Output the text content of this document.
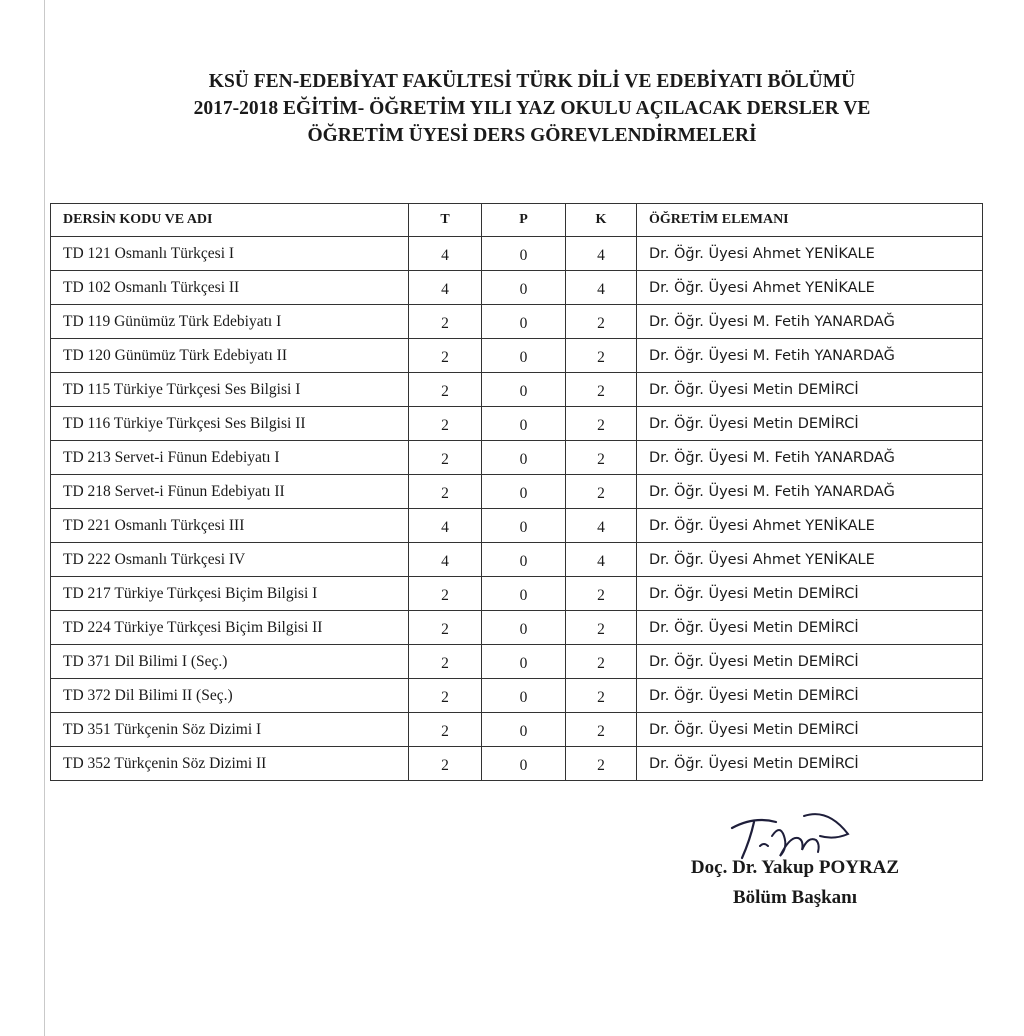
KSÜ FEN-EDEBİYAT FAKÜLTESİ TÜRK DİLİ VE EDEBİYATI BÖLÜMÜ
2017-2018 EĞİTİM- ÖĞRETİM YILI YAZ OKULU AÇILACAK DERSLER VE
ÖĞRETİM ÜYESİ DERS GÖREVLENDİRMELERİ
DERSİN KODU VE ADI	T	P	K	ÖĞRETİM ELEMANI
TD 121 Osmanlı Türkçesi I	4	0	4	Dr. Öğr. Üyesi Ahmet YENİKALE
TD 102 Osmanlı Türkçesi II	4	0	4	Dr. Öğr. Üyesi Ahmet YENİKALE
TD 119 Günümüz Türk Edebiyatı I	2	0	2	Dr. Öğr. Üyesi M. Fetih YANARDAĞ
TD 120 Günümüz Türk Edebiyatı II	2	0	2	Dr. Öğr. Üyesi M. Fetih YANARDAĞ
TD 115 Türkiye Türkçesi Ses Bilgisi I	2	0	2	Dr. Öğr. Üyesi Metin DEMİRCİ
TD 116 Türkiye Türkçesi Ses Bilgisi II	2	0	2	Dr. Öğr. Üyesi Metin DEMİRCİ
TD 213 Servet-i Fünun Edebiyatı I	2	0	2	Dr. Öğr. Üyesi M. Fetih YANARDAĞ
TD 218 Servet-i Fünun Edebiyatı II	2	0	2	Dr. Öğr. Üyesi M. Fetih YANARDAĞ
TD 221 Osmanlı Türkçesi III	4	0	4	Dr. Öğr. Üyesi Ahmet YENİKALE
TD 222 Osmanlı Türkçesi IV	4	0	4	Dr. Öğr. Üyesi Ahmet YENİKALE
TD 217 Türkiye Türkçesi Biçim Bilgisi I	2	0	2	Dr. Öğr. Üyesi Metin DEMİRCİ
TD 224 Türkiye Türkçesi Biçim Bilgisi II	2	0	2	Dr. Öğr. Üyesi Metin DEMİRCİ
TD 371 Dil Bilimi I (Seç.)	2	0	2	Dr. Öğr. Üyesi Metin DEMİRCİ
TD 372 Dil Bilimi II (Seç.)	2	0	2	Dr. Öğr. Üyesi Metin DEMİRCİ
TD 351 Türkçenin Söz Dizimi I	2	0	2	Dr. Öğr. Üyesi Metin DEMİRCİ
TD 352 Türkçenin Söz Dizimi II	2	0	2	Dr. Öğr. Üyesi Metin DEMİRCİ
Doç. Dr. Yakup POYRAZ
Bölüm Başkanı
